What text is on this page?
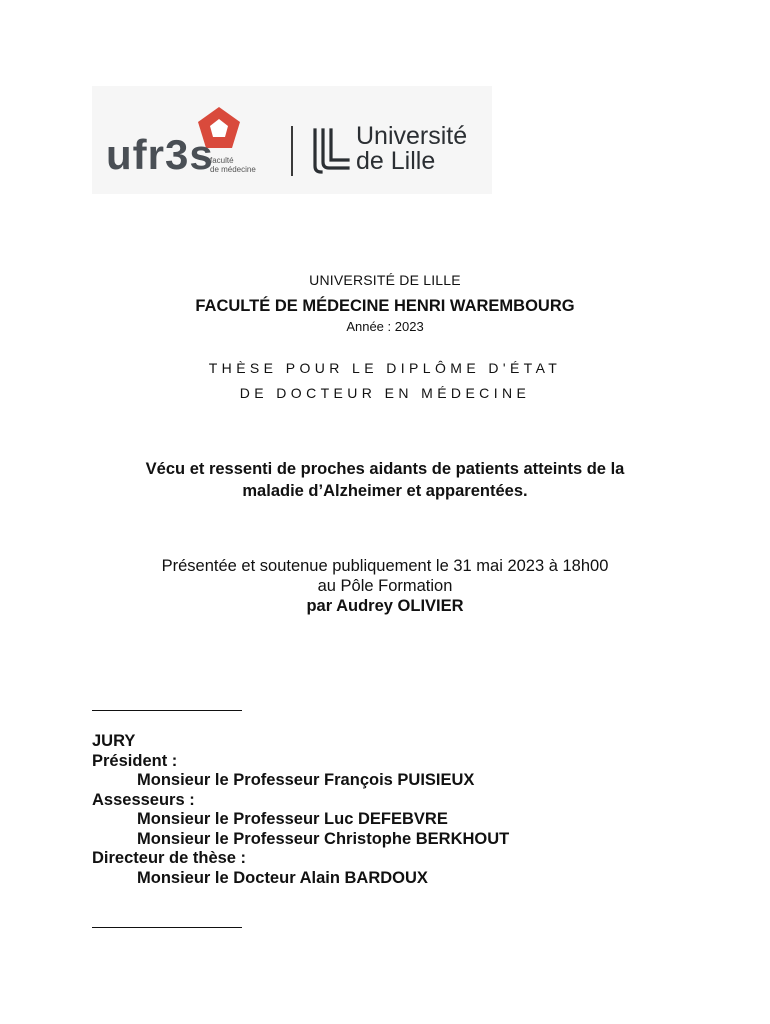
ufr3s
faculté
de médecine
Université
de Lille
UNIVERSITÉ DE LILLE
FACULTÉ DE MÉDECINE HENRI WAREMBOURG
Année : 2023
THÈSE POUR LE DIPLÔME D'ÉTAT
DE DOCTEUR EN MÉDECINE
Vécu et ressenti de proches aidants de patients atteints de la
maladie d’Alzheimer et apparentées.
Présentée et soutenue publiquement le 31 mai 2023 à 18h00
au Pôle Formation
par Audrey OLIVIER
JURY
Président :
Monsieur le Professeur François PUISIEUX
Assesseurs :
Monsieur le Professeur Luc DEFEBVRE
Monsieur le Professeur Christophe BERKHOUT
Directeur de thèse :
Monsieur le Docteur Alain BARDOUX
